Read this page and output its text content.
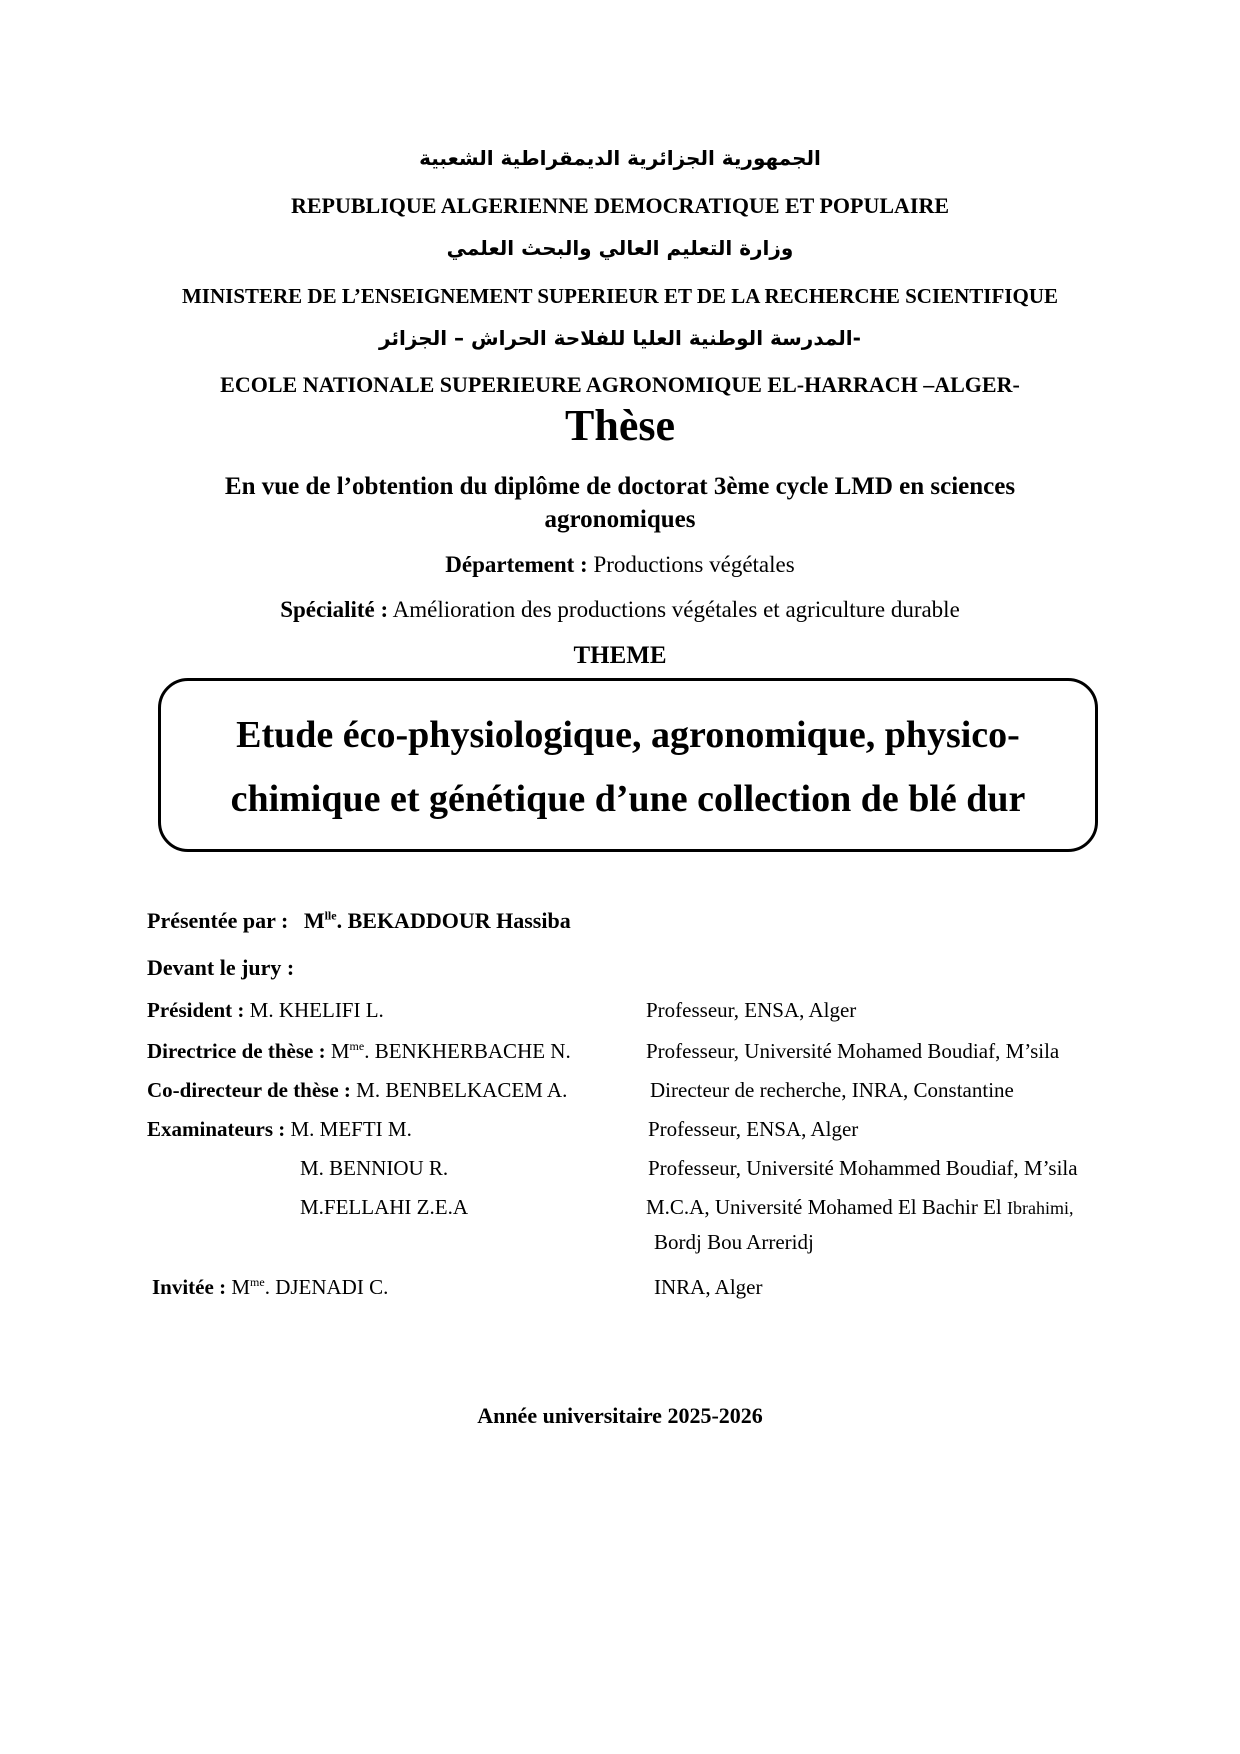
الجمهورية الجزائرية الديمقراطية الشعبية
REPUBLIQUE ALGERIENNE DEMOCRATIQUE ET POPULAIRE
وزارة التعليم العالي والبحث العلمي
MINISTERE DE L’ENSEIGNEMENT SUPERIEUR ET DE LA RECHERCHE SCIENTIFIQUE
-المدرسة الوطنية العليا للفلاحة الحراش – الجزائر
ECOLE NATIONALE SUPERIEURE AGRONOMIQUE EL-HARRACH –ALGER-
Thèse
En vue de l’obtention du diplôme de doctorat 3ème cycle LMD en sciences agronomiques
Département : Productions végétales
Spécialité : Amélioration des productions végétales et agriculture durable
THEME
Etude éco-physiologique, agronomique, physico-
chimique et génétique d’une collection de blé dur
Présentée par : $M^{lle}$. BEKADDOUR Hassiba
Devant le jury :
Président : M. KHELIFI L.	Professeur, ENSA, Alger
Directrice de thèse : $M^{me}$. BENKHERBACHE N.	Professeur, Université Mohamed Boudiaf, M’sila
Co-directeur de thèse : M. BENBELKACEM A.	Directeur de recherche, INRA, Constantine
Examinateurs : M. MEFTI M.	Professeur, ENSA, Alger
M. BENNIOU R.	Professeur, Université Mohammed Boudiaf, M’sila
M.FELLAHI Z.E.A	M.C.A, Université Mohamed El Bachir El Ibrahimi,
Bordj Bou Arreridj
Invitée : $M^{me}$. DJENADI C.	INRA, Alger
Année universitaire 2025-2026
